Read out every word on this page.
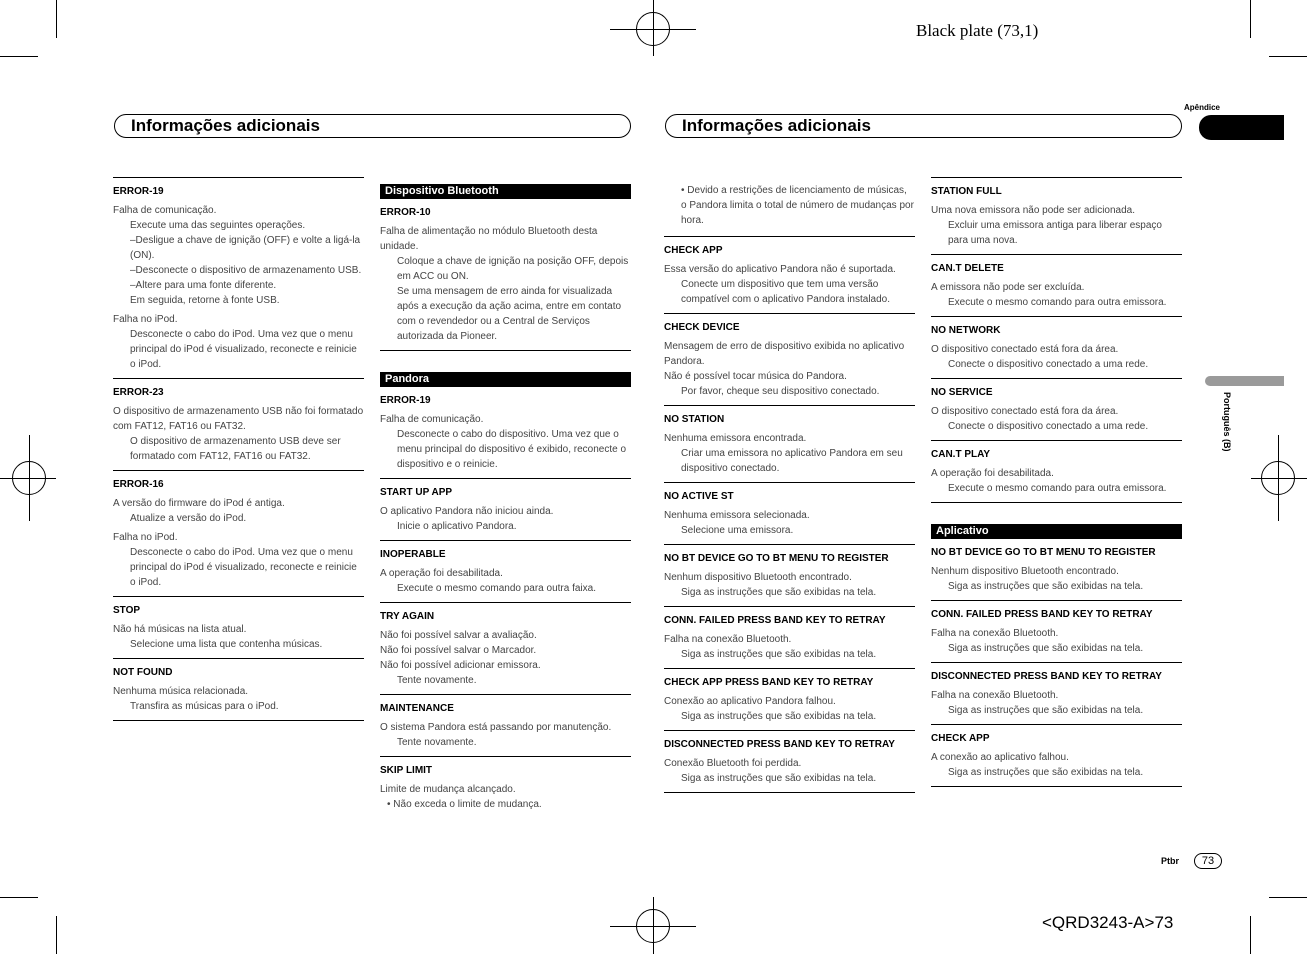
Black plate (73,1)
Apêndice
Português (B)
Informações adicionais	Informações adicionais
ERROR-19
Falha de comunicação.
Execute uma das seguintes operações.
–Desligue a chave de ignição (OFF) e volte a ligá-la (ON).
–Desconecte o dispositivo de armazenamento USB.
–Altere para uma fonte diferente.
Em seguida, retorne à fonte USB.
Falha no iPod.
Desconecte o cabo do iPod. Uma vez que o menu principal do iPod é visualizado, reconecte e reinicie o iPod.
ERROR-23
O dispositivo de armazenamento USB não foi formatado com FAT12, FAT16 ou FAT32.
O dispositivo de armazenamento USB deve ser formatado com FAT12, FAT16 ou FAT32.
ERROR-16
A versão do firmware do iPod é antiga.
Atualize a versão do iPod.
Falha no iPod.
Desconecte o cabo do iPod. Uma vez que o menu principal do iPod é visualizado, reconecte e reinicie o iPod.
STOP
Não há músicas na lista atual.
Selecione uma lista que contenha músicas.
NOT FOUND
Nenhuma música relacionada.
Transfira as músicas para o iPod.
Dispositivo Bluetooth
ERROR-10
Falha de alimentação no módulo Bluetooth desta unidade.
Coloque a chave de ignição na posição OFF, depois em ACC ou ON.
Se uma mensagem de erro ainda for visualizada após a execução da ação acima, entre em contato com o revendedor ou a Central de Serviços autorizada da Pioneer.
Pandora
ERROR-19
Falha de comunicação.
Desconecte o cabo do dispositivo. Uma vez que o menu principal do dispositivo é exibido, reconecte o dispositivo e o reinicie.
START UP APP
O aplicativo Pandora não iniciou ainda.
Inicie o aplicativo Pandora.
INOPERABLE
A operação foi desabilitada.
Execute o mesmo comando para outra faixa.
TRY AGAIN
Não foi possível salvar a avaliação.
Não foi possível salvar o Marcador.
Não foi possível adicionar emissora.
Tente novamente.
MAINTENANCE
O sistema Pandora está passando por manutenção.
Tente novamente.
SKIP LIMIT
Limite de mudança alcançado.
• Não exceda o limite de mudança.
• Devido a restrições de licenciamento de músicas, o Pandora limita o total de número de mudanças por hora.
CHECK APP
Essa versão do aplicativo Pandora não é suportada.
Conecte um dispositivo que tem uma versão compatível com o aplicativo Pandora instalado.
CHECK DEVICE
Mensagem de erro de dispositivo exibida no aplicativo Pandora.
Não é possível tocar música do Pandora.
Por favor, cheque seu dispositivo conectado.
NO STATION
Nenhuma emissora encontrada.
Criar uma emissora no aplicativo Pandora em seu dispositivo conectado.
NO ACTIVE ST
Nenhuma emissora selecionada.
Selecione uma emissora.
NO BT DEVICE GO TO BT MENU TO REGISTER
Nenhum dispositivo Bluetooth encontrado.
Siga as instruções que são exibidas na tela.
CONN. FAILED PRESS BAND KEY TO RETRAY
Falha na conexão Bluetooth.
Siga as instruções que são exibidas na tela.
CHECK APP PRESS BAND KEY TO RETRAY
Conexão ao aplicativo Pandora falhou.
Siga as instruções que são exibidas na tela.
DISCONNECTED PRESS BAND KEY TO RETRAY
Conexão Bluetooth foi perdida.
Siga as instruções que são exibidas na tela.
STATION FULL
Uma nova emissora não pode ser adicionada.
Excluir uma emissora antiga para liberar espaço para uma nova.
CAN.T DELETE
A emissora não pode ser excluída.
Execute o mesmo comando para outra emissora.
NO NETWORK
O dispositivo conectado está fora da área.
Conecte o dispositivo conectado a uma rede.
NO SERVICE
O dispositivo conectado está fora da área.
Conecte o dispositivo conectado a uma rede.
CAN.T PLAY
A operação foi desabilitada.
Execute o mesmo comando para outra emissora.
Aplicativo
NO BT DEVICE GO TO BT MENU TO REGISTER
Nenhum dispositivo Bluetooth encontrado.
Siga as instruções que são exibidas na tela.
CONN. FAILED PRESS BAND KEY TO RETRAY
Falha na conexão Bluetooth.
Siga as instruções que são exibidas na tela.
DISCONNECTED PRESS BAND KEY TO RETRAY
Falha na conexão Bluetooth.
Siga as instruções que são exibidas na tela.
CHECK APP
A conexão ao aplicativo falhou.
Siga as instruções que são exibidas na tela.
Ptbr	73
<QRD3243-A>73
